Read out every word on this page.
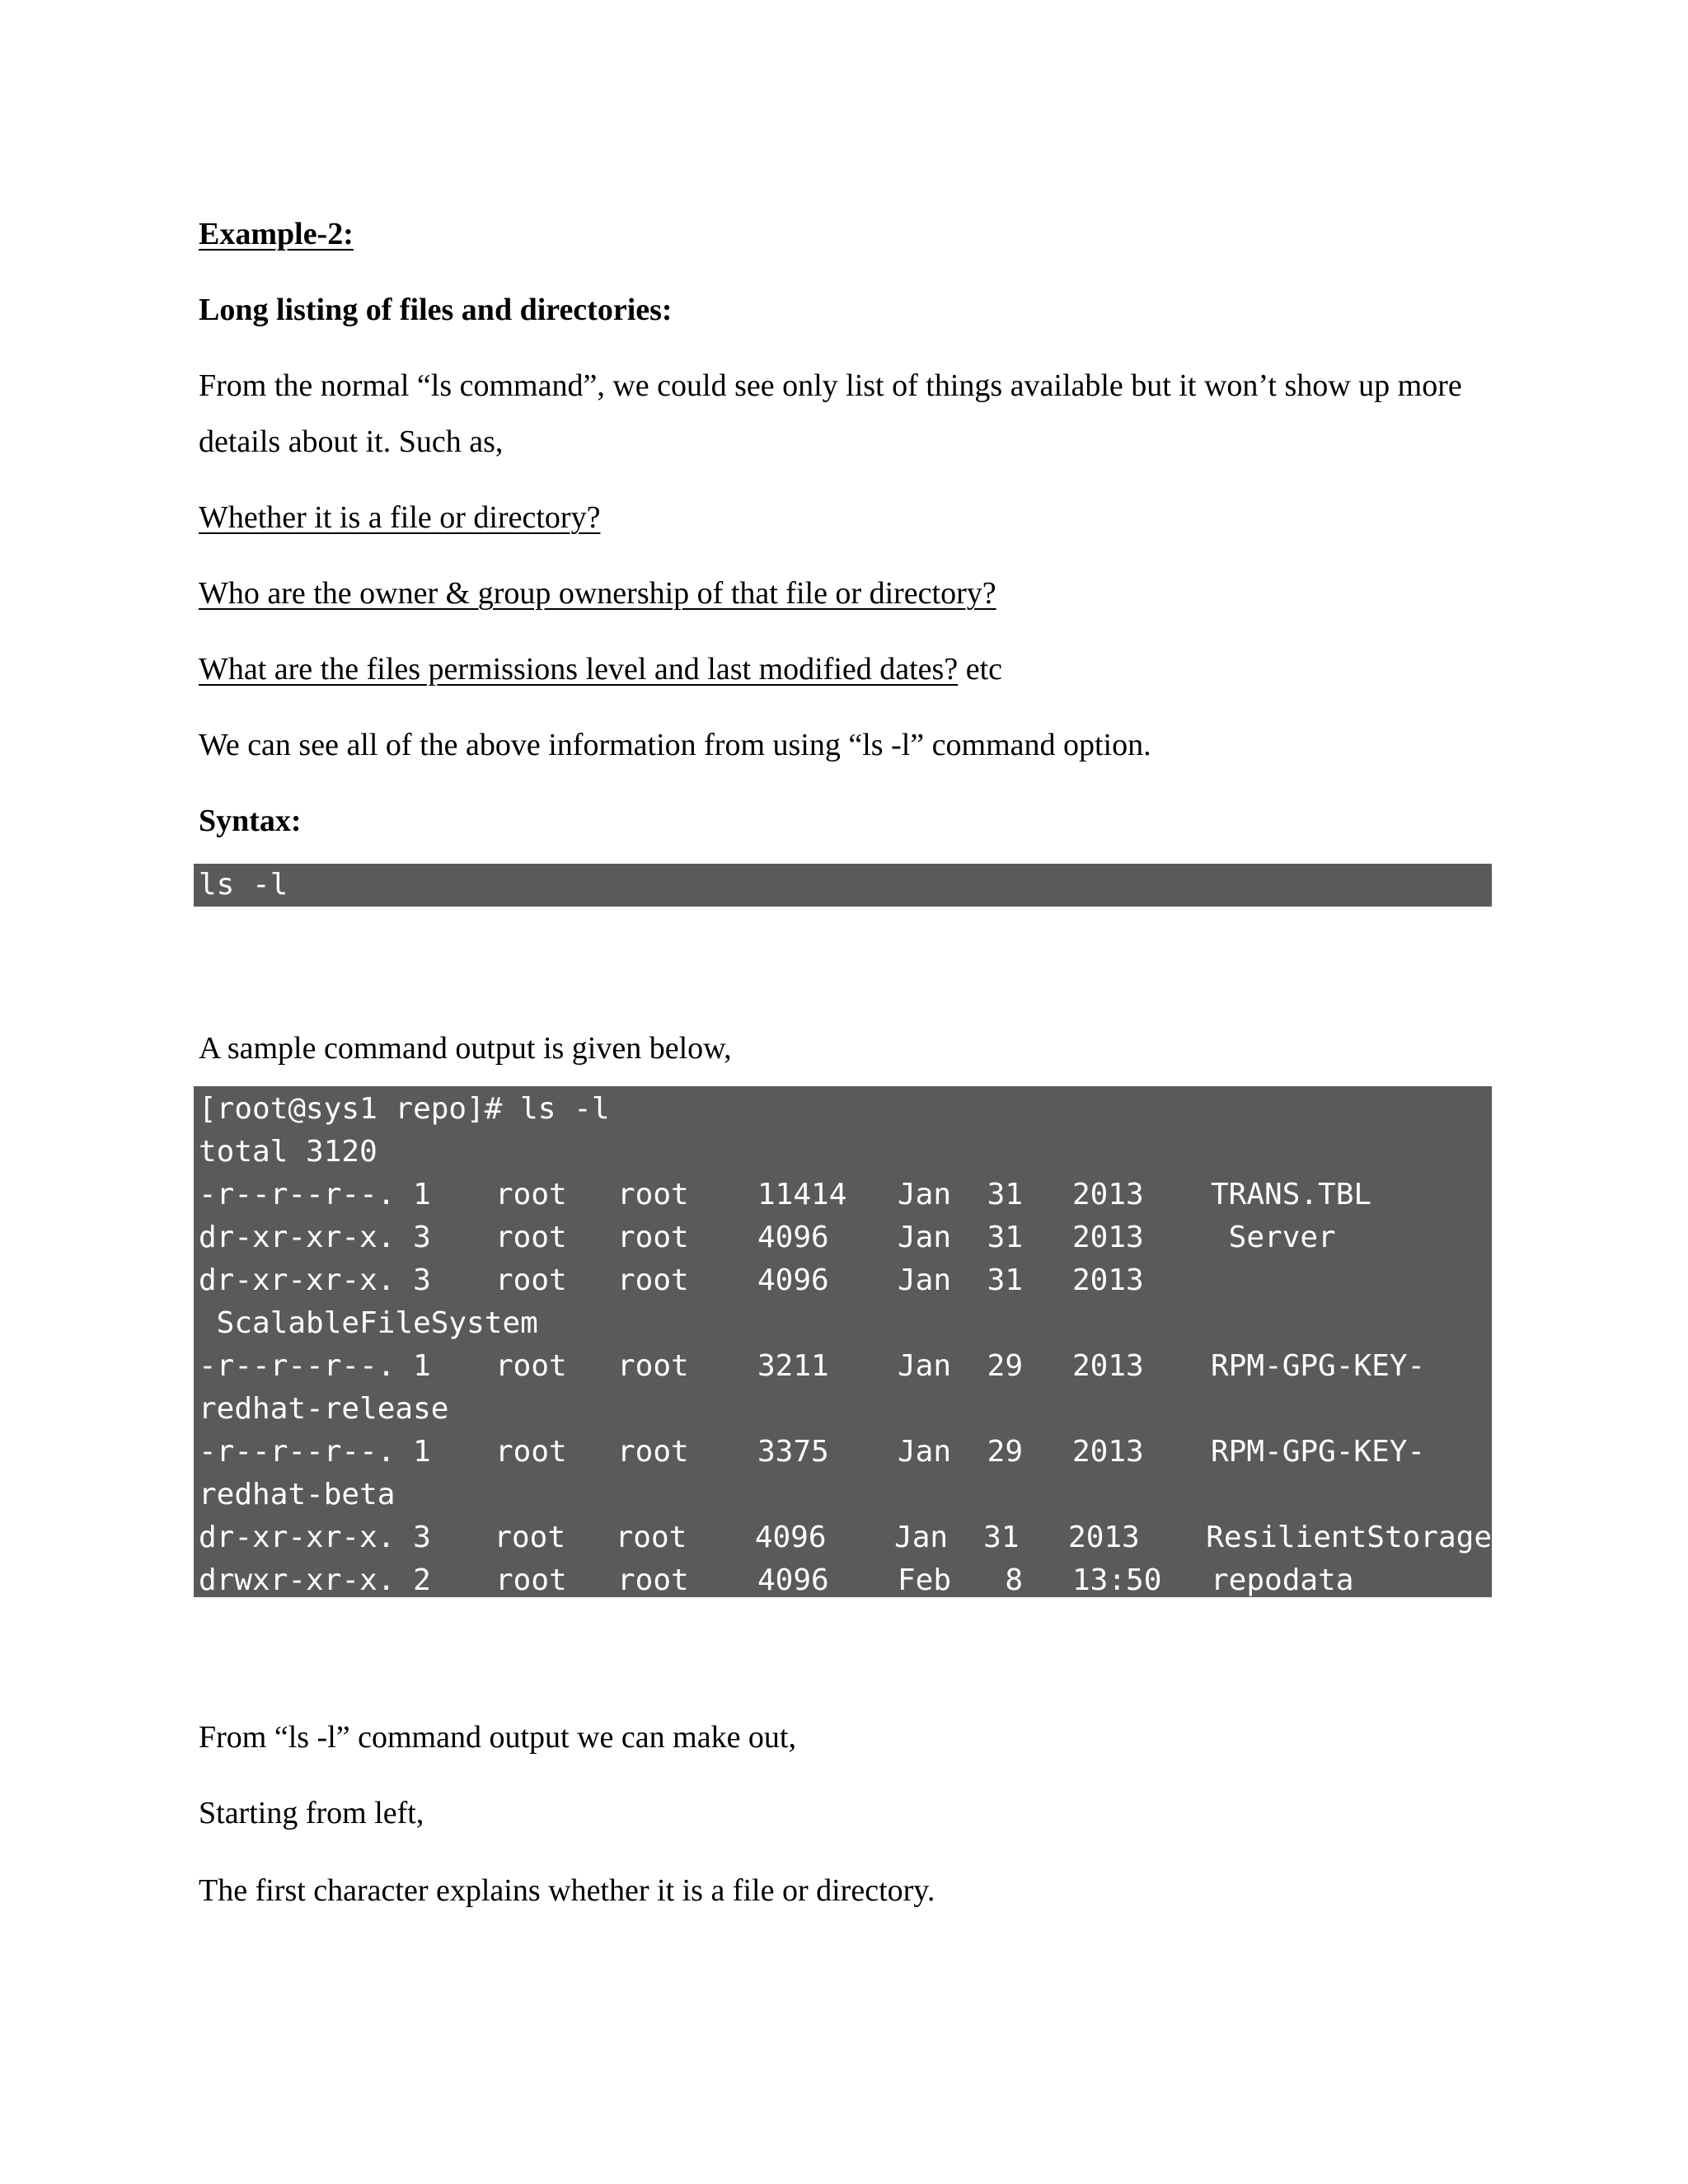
Example-2:
Long listing of files and directories:
From the normal “ls command”, we could see only list of things available but it won’t show up more
details about it. Such as,
Whether it is a file or directory?
Who are the owner & group ownership of that file or directory?
What are the files permissions level and last modified dates? etc
We can see all of the above information from using “ls -l” command option.
Syntax:
ls -l
A sample command output is given below,
[root@sys1 repo]# ls -l
total 3120
-r--r--r--. 1	root	root	11414	Jan	31	2013	TRANS.TBL
dr-xr-xr-x. 3	root	root	4096	Jan	31	2013	Server
dr-xr-xr-x. 3	root	root	4096	Jan	31	2013
ScalableFileSystem
-r--r--r--. 1	root	root	3211	Jan	29	2013	RPM-GPG-KEY-
redhat-release
-r--r--r--. 1	root	root	3375	Jan	29	2013	RPM-GPG-KEY-
redhat-beta
dr-xr-xr-x. 3	root	root	4096	Jan	31	2013	ResilientStorage
drwxr-xr-x. 2	root	root	4096	Feb	8	13:50	repodata
From “ls -l” command output we can make out,
Starting from left,
The first character explains whether it is a file or directory.
